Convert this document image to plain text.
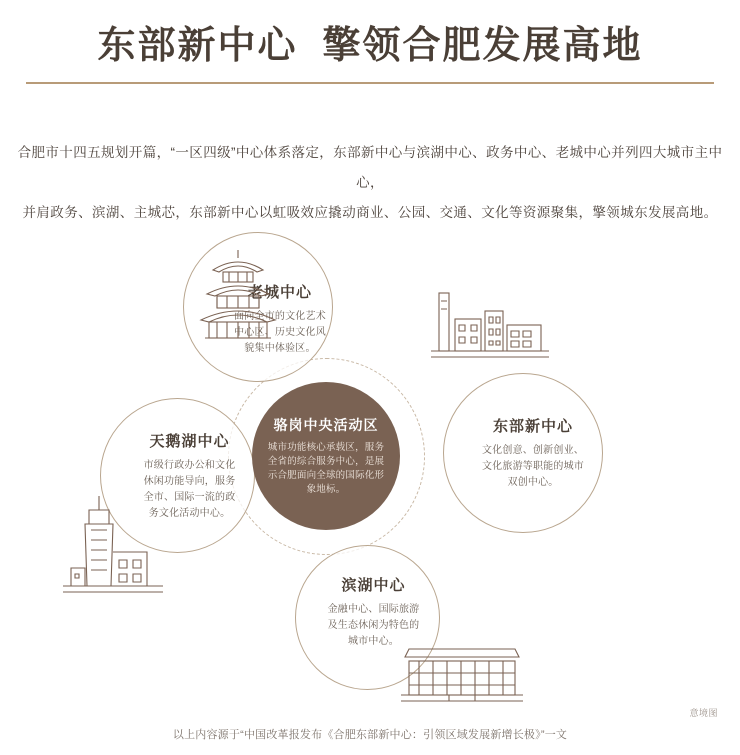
东部新中心  擎领合肥发展高地
合肥市十四五规划开篇，“一区四级”中心体系落定，东部新中心与滨湖中心、政务中心、老城中心并列四大城市主中心，
并肩政务、滨湖、主城芯，东部新中心以虹吸效应撬动商业、公园、交通、文化等资源聚集，擎领城东发展高地。
老城中心
面向全市的文化艺术中心区、历史文化风貌集中体验区。
东部新中心
文化创意、创新创业、文化旅游等职能的城市双创中心。
天鹅湖中心
市级行政办公和文化休闲功能导向，服务全市、国际一流的政务文化活动中心。
滨湖中心
金融中心、国际旅游及生态休闲为特色的城市中心。
骆岗中央活动区
城市功能核心承载区，服务全省的综合服务中心，是展示合肥面向全球的国际化形象地标。
意境图
以上内容源于“中国改革报发布《合肥东部新中心：引领区域发展新增长极》”一文
